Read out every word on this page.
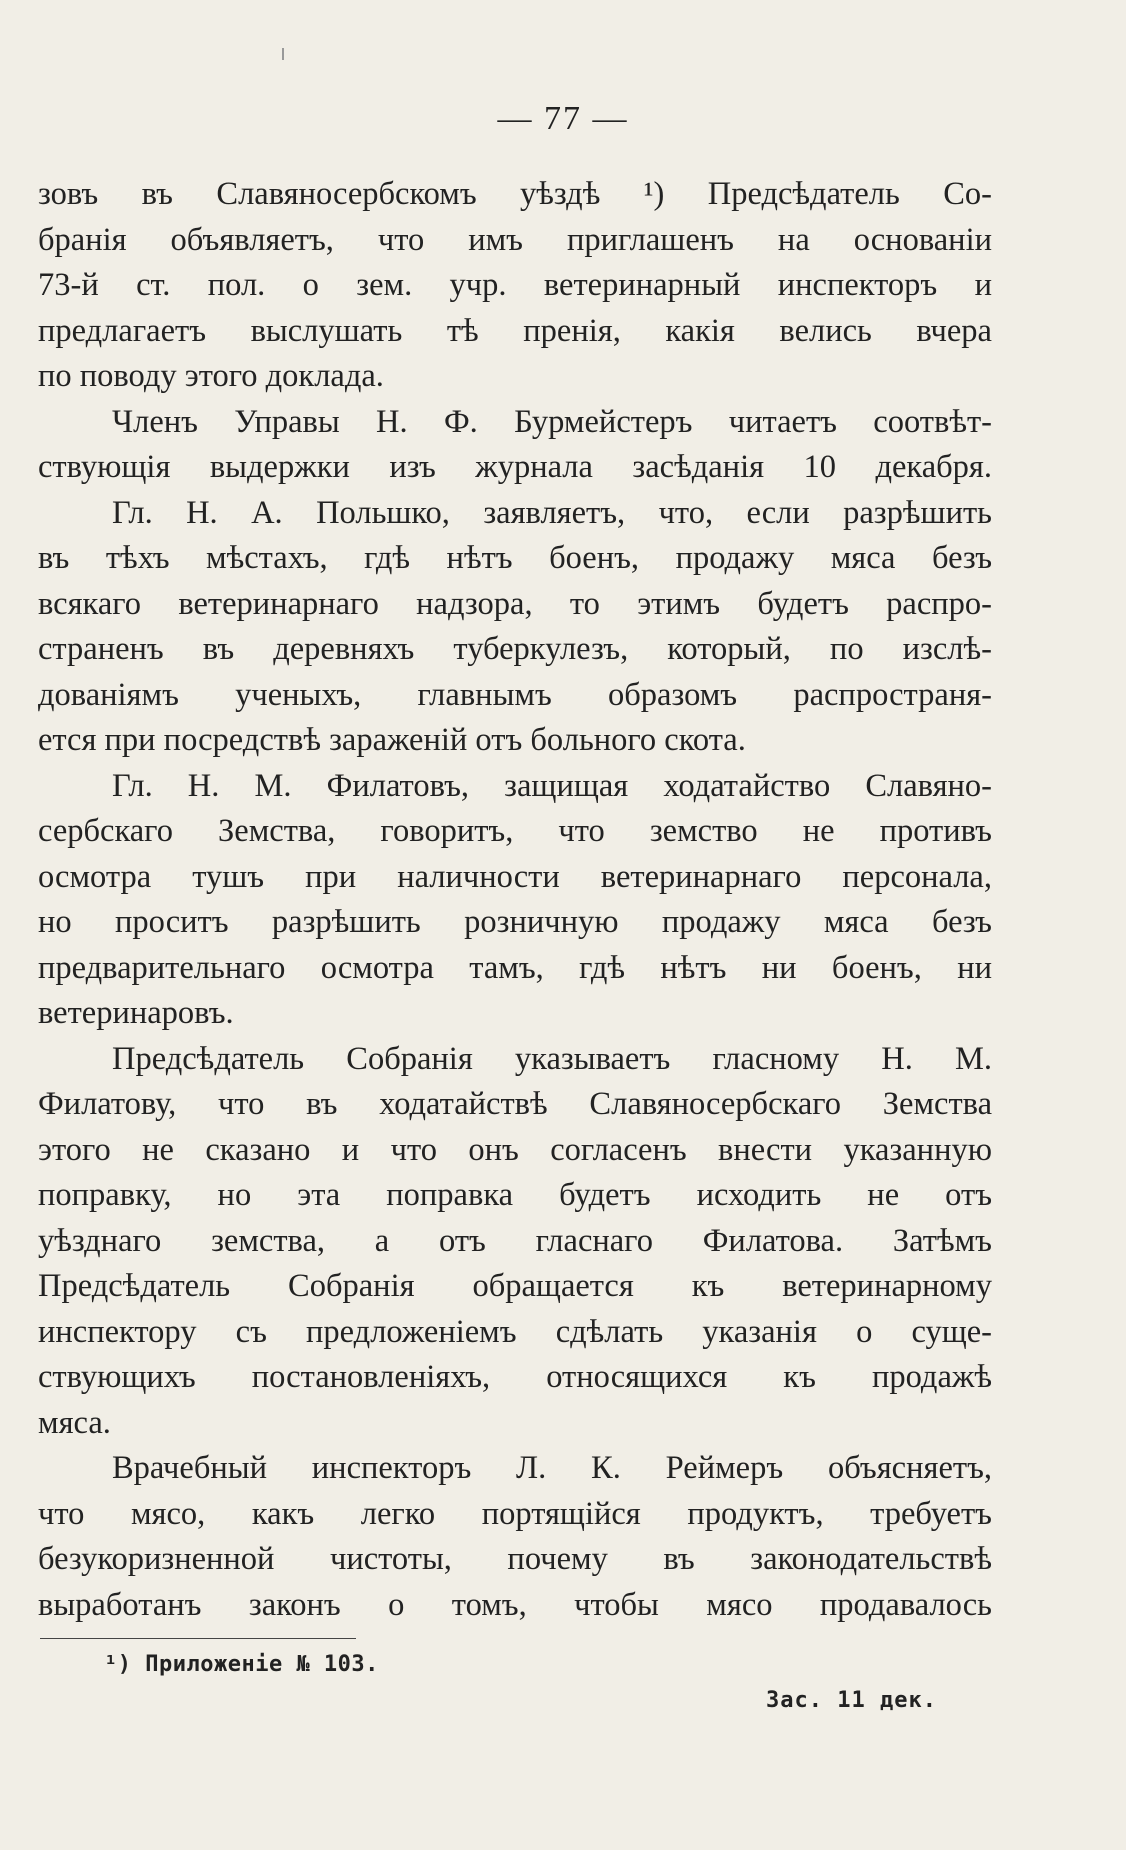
— 77 —
зовъ въ Славяносербскомъ уѣздѣ ¹) Предсѣдатель Со-
бранія объявляетъ, что имъ приглашенъ на основаніи
73-й ст. пол. о зем. учр. ветеринарный инспекторъ и
предлагаетъ выслушать тѣ пренія, какія велись вчера
по поводу этого доклада.
Членъ Управы Н. Ф. Бурмейстеръ читаетъ соотвѣт-
ствующія выдержки изъ журнала засѣданія 10 декабря.
Гл. Н. А. Польшко, заявляетъ, что, если разрѣшить
въ тѣхъ мѣстахъ, гдѣ нѣтъ боенъ, продажу мяса безъ
всякаго ветеринарнаго надзора, то этимъ будетъ распро-
страненъ въ деревняхъ туберкулезъ, который, по изслѣ-
дованіямъ ученыхъ, главнымъ образомъ распространя-
ется при посредствѣ зараженій отъ больного скота.
Гл. Н. М. Филатовъ, защищая ходатайство Славяно-
сербскаго Земства, говоритъ, что земство не противъ
осмотра тушъ при наличности ветеринарнаго персонала,
но проситъ разрѣшить розничную продажу мяса безъ
предварительнаго осмотра тамъ, гдѣ нѣтъ ни боенъ, ни
ветеринаровъ.
Предсѣдатель Собранія указываетъ гласному Н. М.
Филатову, что въ ходатайствѣ Славяносербскаго Земства
этого не сказано и что онъ согласенъ внести указанную
поправку, но эта поправка будетъ исходить не отъ
уѣзднаго земства, а отъ гласнаго Филатова. Затѣмъ
Предсѣдатель Собранія обращается къ ветеринарному
инспектору съ предложеніемъ сдѣлать указанія о суще-
ствующихъ постановленіяхъ, относящихся къ продажѣ
мяса.
Врачебный инспекторъ Л. К. Реймеръ объясняетъ,
что мясо, какъ легко портящійся продуктъ, требуетъ
безукоризненной чистоты, почему въ законодательствѣ
выработанъ законъ о томъ, чтобы мясо продавалось
¹) Приложеніе № 103.
Зас. 11 дек.
